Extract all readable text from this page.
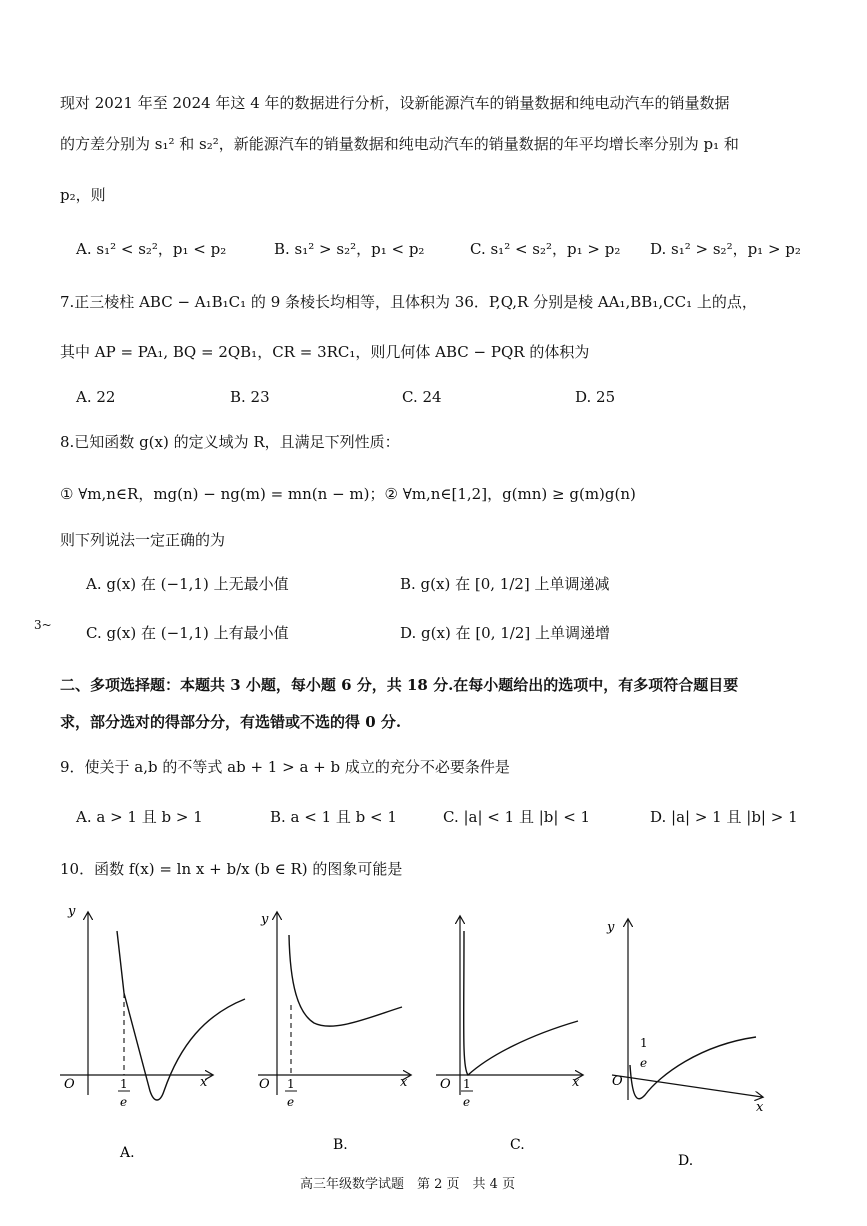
现对 2021 年至 2024 年这 4 年的数据进行分析，设新能源汽车的销量数据和纯电动汽车的销量数据
的方差分别为 s₁² 和 s₂²，新能源汽车的销量数据和纯电动汽车的销量数据的年平均增长率分别为 p₁ 和
p₂，则
A. s₁² < s₂²，p₁ < p₂	B. s₁² > s₂²，p₁ < p₂	C. s₁² < s₂²，p₁ > p₂ D. s₁² > s₂²，p₁ > p₂
7.正三棱柱 ABC − A₁B₁C₁ 的 9 条棱长均相等，且体积为 36．P,Q,R 分别是棱 AA₁,BB₁,CC₁ 上的点，
其中 AP = PA₁, BQ = 2QB₁，CR = 3RC₁，则几何体 ABC − PQR 的体积为
A. 22	B. 23	C. 24	D. 25
8.已知函数 g(x) 的定义域为 R，且满足下列性质：
① ∀m,n∈R，mg(n) − ng(m) = mn(n − m)；② ∀m,n∈[1,2]，g(mn) ≥ g(m)g(n)
则下列说法一定正确的为
A. g(x) 在 (−1,1) 上无最小值	B. g(x) 在 [0, 1/2] 上单调递减
3~ C. g(x) 在 (−1,1) 上有最小值	D. g(x) 在 [0, 1/2] 上单调递增
二、多项选择题：本题共 3 小题，每小题 6 分，共 18 分.在每小题给出的选项中，有多项符合题目要
求，部分选对的得部分分，有选错或不选的得 0 分.
9．使关于 a,b 的不等式 ab + 1 > a + b 成立的充分不必要条件是
A. a > 1 且 b > 1	B. a < 1 且 b < 1	C. |a| < 1 且 |b| < 1	D. |a| > 1 且 |b| > 1
10．函数 f(x) = ln x + b/x (b ∈ R) 的图象可能是
y
x
O	1
e
A.
y
x
O 1
e
B.
x
O 1
e
C.
y
x
O
1
e
D.
高三年级数学试题　第 2 页　共 4 页
